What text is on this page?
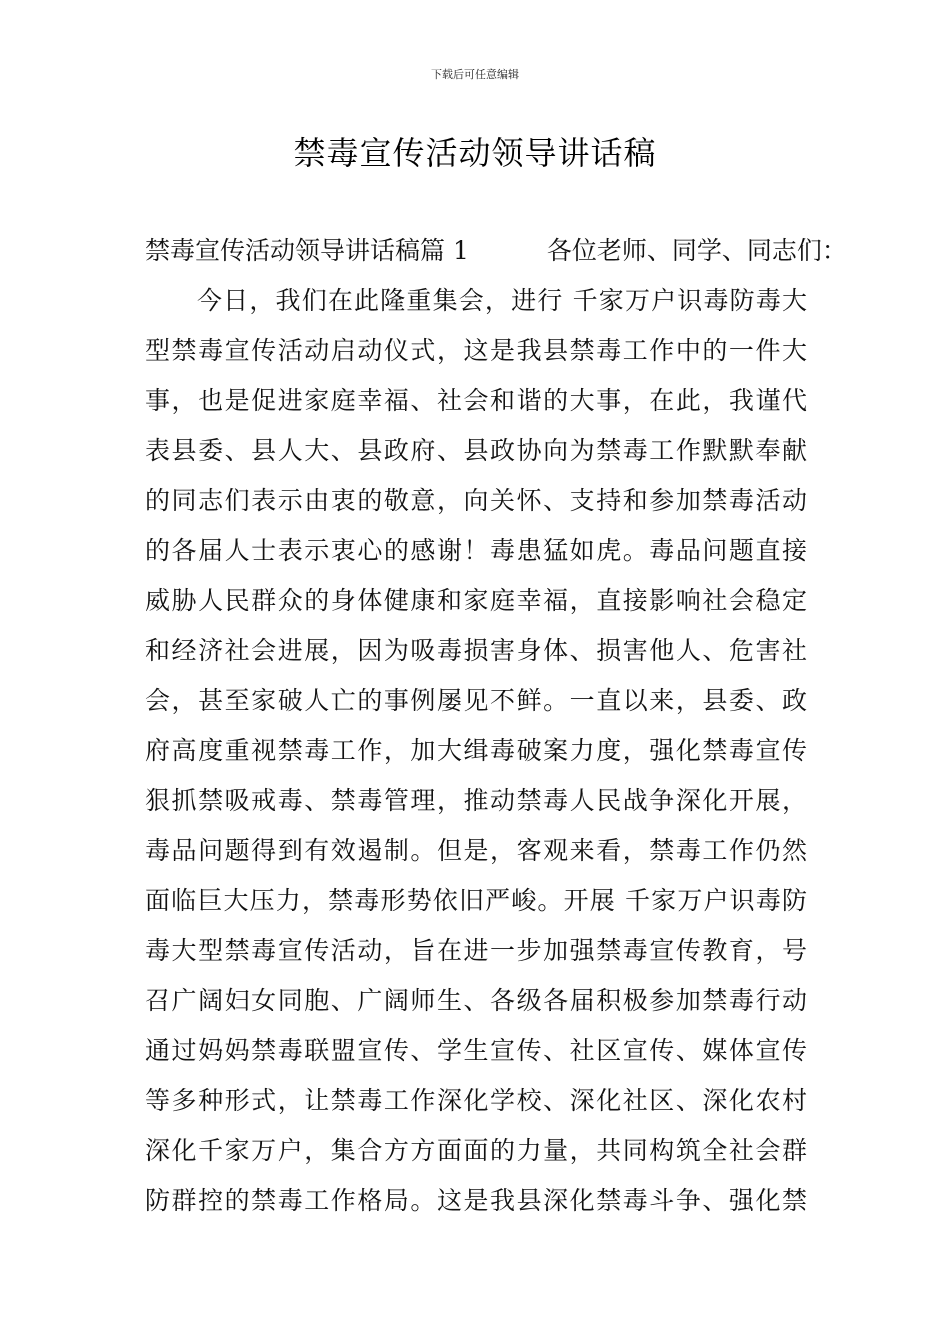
下载后可任意编辑
禁毒宣传活动领导讲话稿
禁毒宣传活动领导讲话稿篇 1	各位老师、同学、同志们：
今日，我们在此隆重集会，进行 千家万户识毒防毒大
型禁毒宣传活动启动仪式，这是我县禁毒工作中的一件大
事，也是促进家庭幸福、社会和谐的大事，在此，我谨代
表县委、县人大、县政府、县政协向为禁毒工作默默奉献
的同志们表示由衷的敬意，向关怀、支持和参加禁毒活动
的各届人士表示衷心的感谢！毒患猛如虎。毒品问题直接
威胁人民群众的身体健康和家庭幸福，直接影响社会稳定
和经济社会进展，因为吸毒损害身体、损害他人、危害社
会，甚至家破人亡的事例屡见不鲜。一直以来，县委、政
府高度重视禁毒工作，加大缉毒破案力度，强化禁毒宣传
狠抓禁吸戒毒、禁毒管理，推动禁毒人民战争深化开展，
毒品问题得到有效遏制。但是，客观来看，禁毒工作仍然
面临巨大压力，禁毒形势依旧严峻。开展 千家万户识毒防
毒大型禁毒宣传活动，旨在进一步加强禁毒宣传教育，号
召广阔妇女同胞、广阔师生、各级各届积极参加禁毒行动
通过妈妈禁毒联盟宣传、学生宣传、社区宣传、媒体宣传
等多种形式，让禁毒工作深化学校、深化社区、深化农村
深化千家万户，集合方方面面的力量，共同构筑全社会群
防群控的禁毒工作格局。这是我县深化禁毒斗争、强化禁
